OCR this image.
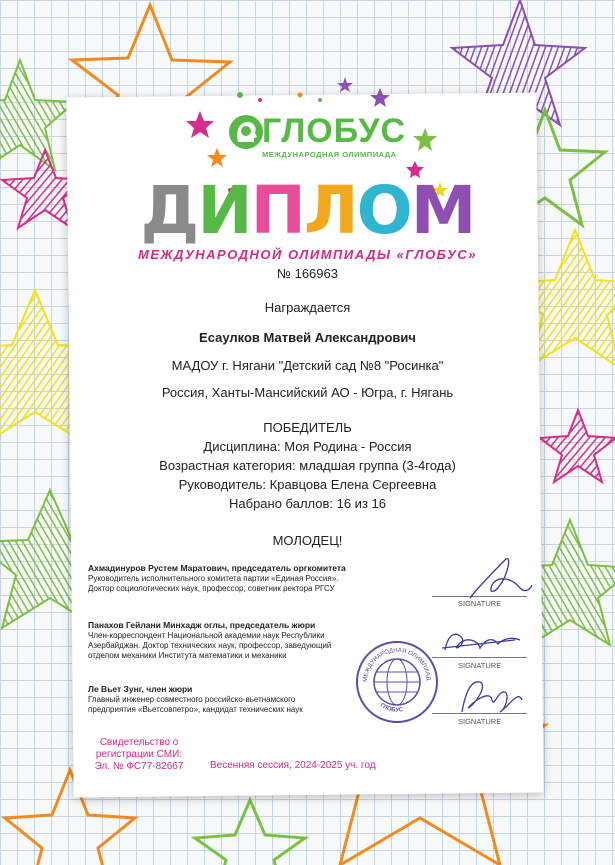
ГЛОБУС
МЕЖДУНАРОДНАЯ ОЛИМПИАДА
ДИПЛОМ
МЕЖДУНАРОДНОЙ ОЛИМПИАДЫ «ГЛОБУС»
№ 166963
Награждается
Есаулков Матвей Александрович
МАДОУ г. Нягани "Детский сад №8 "Росинка"
Россия, Ханты-Мансийский АО - Югра, г. Нягань
ПОБЕДИТЕЛЬ
Дисциплина: Моя Родина - Россия
Возрастная категория: младшая группа (3-4года)
Руководитель: Кравцова Елена Сергеевна
Набрано баллов: 16 из 16
МОЛОДЕЦ!
Ахмадинуров Рустем Маратович, председатель оргкомитета
Руководитель исполнительного комитета партии «Единая Россия».
Доктор социологических наук, профессор, советник ректора РГСУ
Панахов Гейлани Минхадж оглы, председатель жюри
Член-корреспондент Национальной академии наук Республики
Азербайджан. Доктор технических наук, профессор, заведующий
отделом механики Института математики и механики
Ле Вьет Зунг, член жюри
Главный инженер совместного российско-вьетнамского
предприятия «Вьетсовпетро», кандидат технических наук
SIGNATURE
SIGNATURE
SIGNATURE
МЕЖДУНАРОДНАЯ ОЛИМПИАД
ГЛОБУС
Свидетельство о
регистрации СМИ:
Эл. № ФС77-82667	Весенняя сессия, 2024-2025 уч. год
